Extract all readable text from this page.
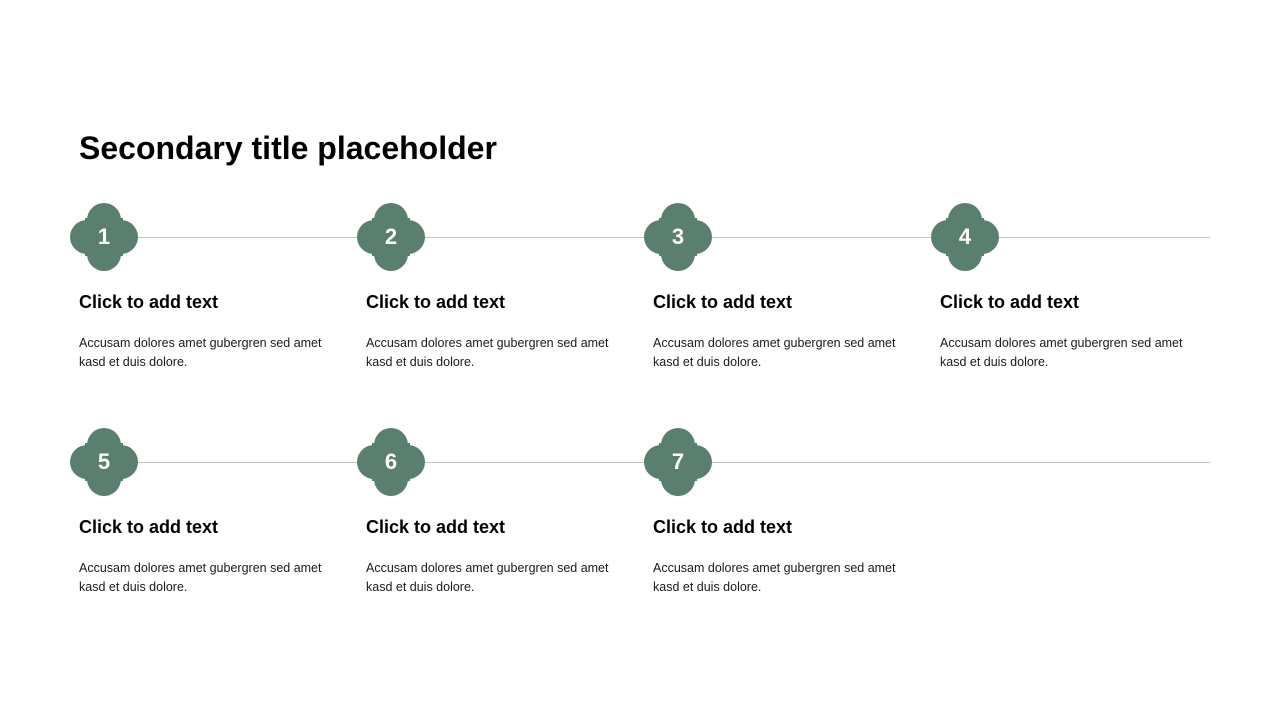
Secondary title placeholder
1
Click to add text

Accusam dolores amet gubergren sed amet kasd et duis dolore.

2
Click to add text

Accusam dolores amet gubergren sed amet kasd et duis dolore.

3
Click to add text

Accusam dolores amet gubergren sed amet kasd et duis dolore.

4
Click to add text

Accusam dolores amet gubergren sed amet kasd et duis dolore.

5
Click to add text

Accusam dolores amet gubergren sed amet kasd et duis dolore.

6
Click to add text

Accusam dolores amet gubergren sed amet kasd et duis dolore.

7
Click to add text

Accusam dolores amet gubergren sed amet kasd et duis dolore.
